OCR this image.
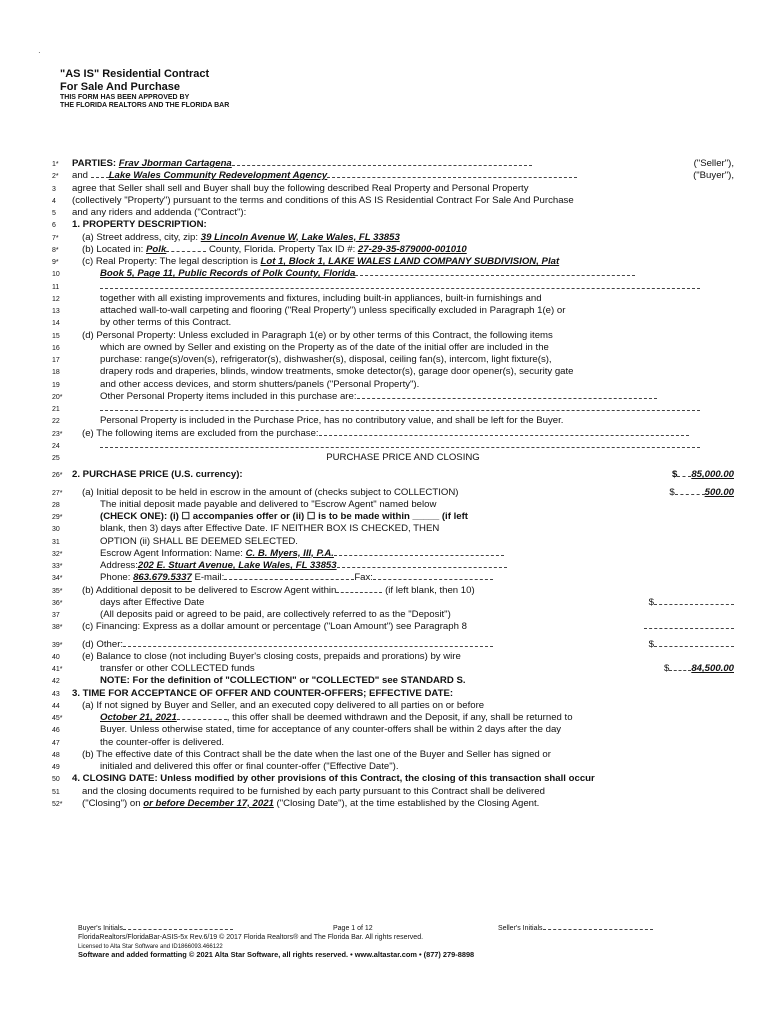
·
"AS IS" Residential Contract
For Sale And Purchase
THIS FORM HAS BEEN APPROVED BY
THE FLORIDA REALTORS AND THE FLORIDA BAR
1*	PARTIES: Frav Jborman Cartagena	("Seller"),
2*	and Lake Wales Community Redevelopment Agency	("Buyer"),
3	agree that Seller shall sell and Buyer shall buy the following described Real Property and Personal Property
4	(collectively "Property") pursuant to the terms and conditions of this AS IS Residential Contract For Sale And Purchase
5	and any riders and addenda ("Contract"):
6	1. PROPERTY DESCRIPTION:
7*	(a) Street address, city, zip: 39 Lincoln Avenue W, Lake Wales, FL 33853
8*	(b) Located in: Polk	County, Florida. Property Tax ID #: 27-29-35-879000-001010
9*	(c) Real Property: The legal description is Lot 1, Block 1, LAKE WALES LAND COMPANY SUBDIVISION, Plat
10	Book 5, Page 11, Public Records of Polk County, Florida
11
12	together with all existing improvements and fixtures, including built-in appliances, built-in furnishings and
13	attached wall-to-wall carpeting and flooring ("Real Property") unless specifically excluded in Paragraph 1(e) or
14	by other terms of this Contract.
15	(d) Personal Property: Unless excluded in Paragraph 1(e) or by other terms of this Contract, the following items
16	which are owned by Seller and existing on the Property as of the date of the initial offer are included in the
17	purchase: range(s)/oven(s), refrigerator(s), dishwasher(s), disposal, ceiling fan(s), intercom, light fixture(s),
18	drapery rods and draperies, blinds, window treatments, smoke detector(s), garage door opener(s), security gate
19	and other access devices, and storm shutters/panels ("Personal Property").
20*	Other Personal Property items included in this purchase are:
21
22	Personal Property is included in the Purchase Price, has no contributory value, and shall be left for the Buyer.
23*	(e) The following items are excluded from the purchase:
24
25	PURCHASE PRICE AND CLOSING
26* 2. PURCHASE PRICE (U.S. currency):	$ 85,000.00
27*	(a) Initial deposit to be held in escrow in the amount of (checks subject to COLLECTION)	$	500.00
28	The initial deposit made payable and delivered to "Escrow Agent" named below
29*	(CHECK ONE): (i) ☐ accompanies offer or (ii) ☐ is to be made within _____ (if left
30	blank, then 3) days after Effective Date. IF NEITHER BOX IS CHECKED, THEN
31	OPTION (ii) SHALL BE DEEMED SELECTED.
32*	Escrow Agent Information: Name: C. B. Myers, III, P.A.
33*	Address:202 E. Stuart Avenue, Lake Wales, FL 33853
34*	Phone: 863.679.5337 E-mail:	Fax:
35*	(b) Additional deposit to be delivered to Escrow Agent within	(if left blank, then 10)
36*	days after Effective Date	$
37	(All deposits paid or agreed to be paid, are collectively referred to as the "Deposit")
38*	(c) Financing: Express as a dollar amount or percentage ("Loan Amount") see Paragraph 8
39*	(d) Other:	$
40	(e) Balance to close (not including Buyer's closing costs, prepaids and prorations) by wire
41*	transfer or other COLLECTED funds	$ 84,500.00
42	NOTE: For the definition of "COLLECTION" or "COLLECTED" see STANDARD S.
43	3. TIME FOR ACCEPTANCE OF OFFER AND COUNTER-OFFERS; EFFECTIVE DATE:
44	(a) If not signed by Buyer and Seller, and an executed copy delivered to all parties on or before
45*	October 21, 2021	, this offer shall be deemed withdrawn and the Deposit, if any, shall be returned to
46	Buyer. Unless otherwise stated, time for acceptance of any counter-offers shall be within 2 days after the day
47	the counter-offer is delivered.
48	(b) The effective date of this Contract shall be the date when the last one of the Buyer and Seller has signed or
49	initialed and delivered this offer or final counter-offer ("Effective Date").
50	4. CLOSING DATE: Unless modified by other provisions of this Contract, the closing of this transaction shall occur
51	and the closing documents required to be furnished by each party pursuant to this Contract shall be delivered
52*	("Closing") on or before December 17, 2021 ("Closing Date"), at the time established by the Closing Agent.
Buyer's Initials	Page 1 of 12	Seller's Initials
FloridaRealtors/FloridaBar-ASIS-5x Rev.6/19 © 2017 Florida Realtors® and The Florida Bar. All rights reserved.
Licensed to Alta Star Software and ID1866093.466122
Software and added formatting © 2021 Alta Star Software, all rights reserved. • www.altastar.com • (877) 279-8898
